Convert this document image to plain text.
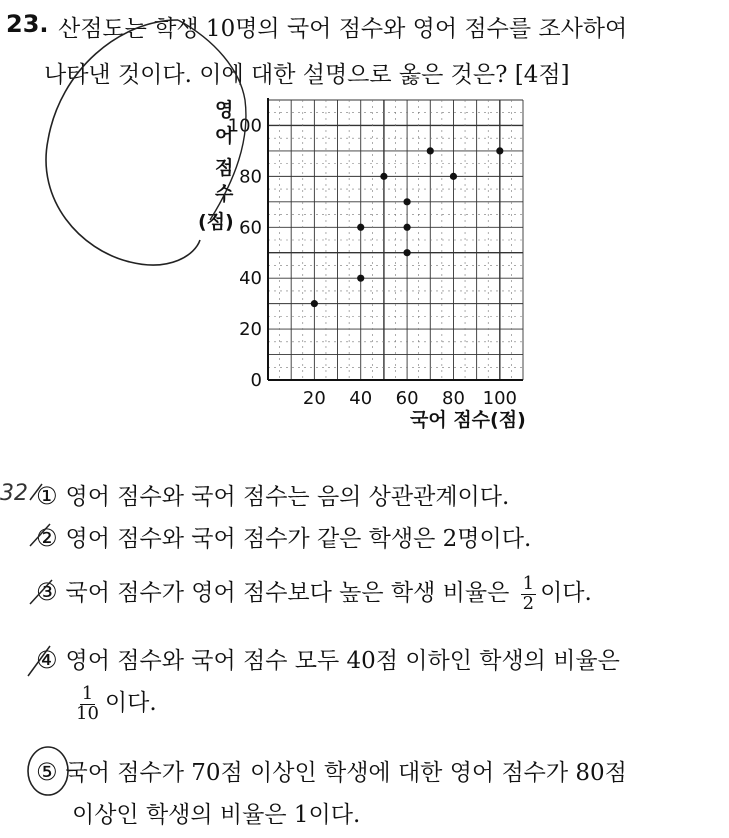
23. 산점도는 학생 10명의 국어 점수와 영어 점수를 조사하여
나타낸 것이다. 이에 대한 설명으로 옳은 것은? [4점]
20 40 60 80 100
0
20
40
60
80
100
영
어
점
수
(점)
국어 점수(점)
① 영어 점수와 국어 점수는 음의 상관관계이다.
② 영어 점수와 국어 점수가 같은 학생은 2명이다.
③ 국어 점수가 영어 점수보다 높은 학생 비율은 $\frac{1}{2}$ 이다.
④ 영어 점수와 국어 점수 모두 40점 이하인 학생의 비율은
$\frac{1}{10}$ 이다.
⑤ 국어 점수가 70점 이상인 학생에 대한 영어 점수가 80점
이상인 학생의 비율은 1이다.
32
